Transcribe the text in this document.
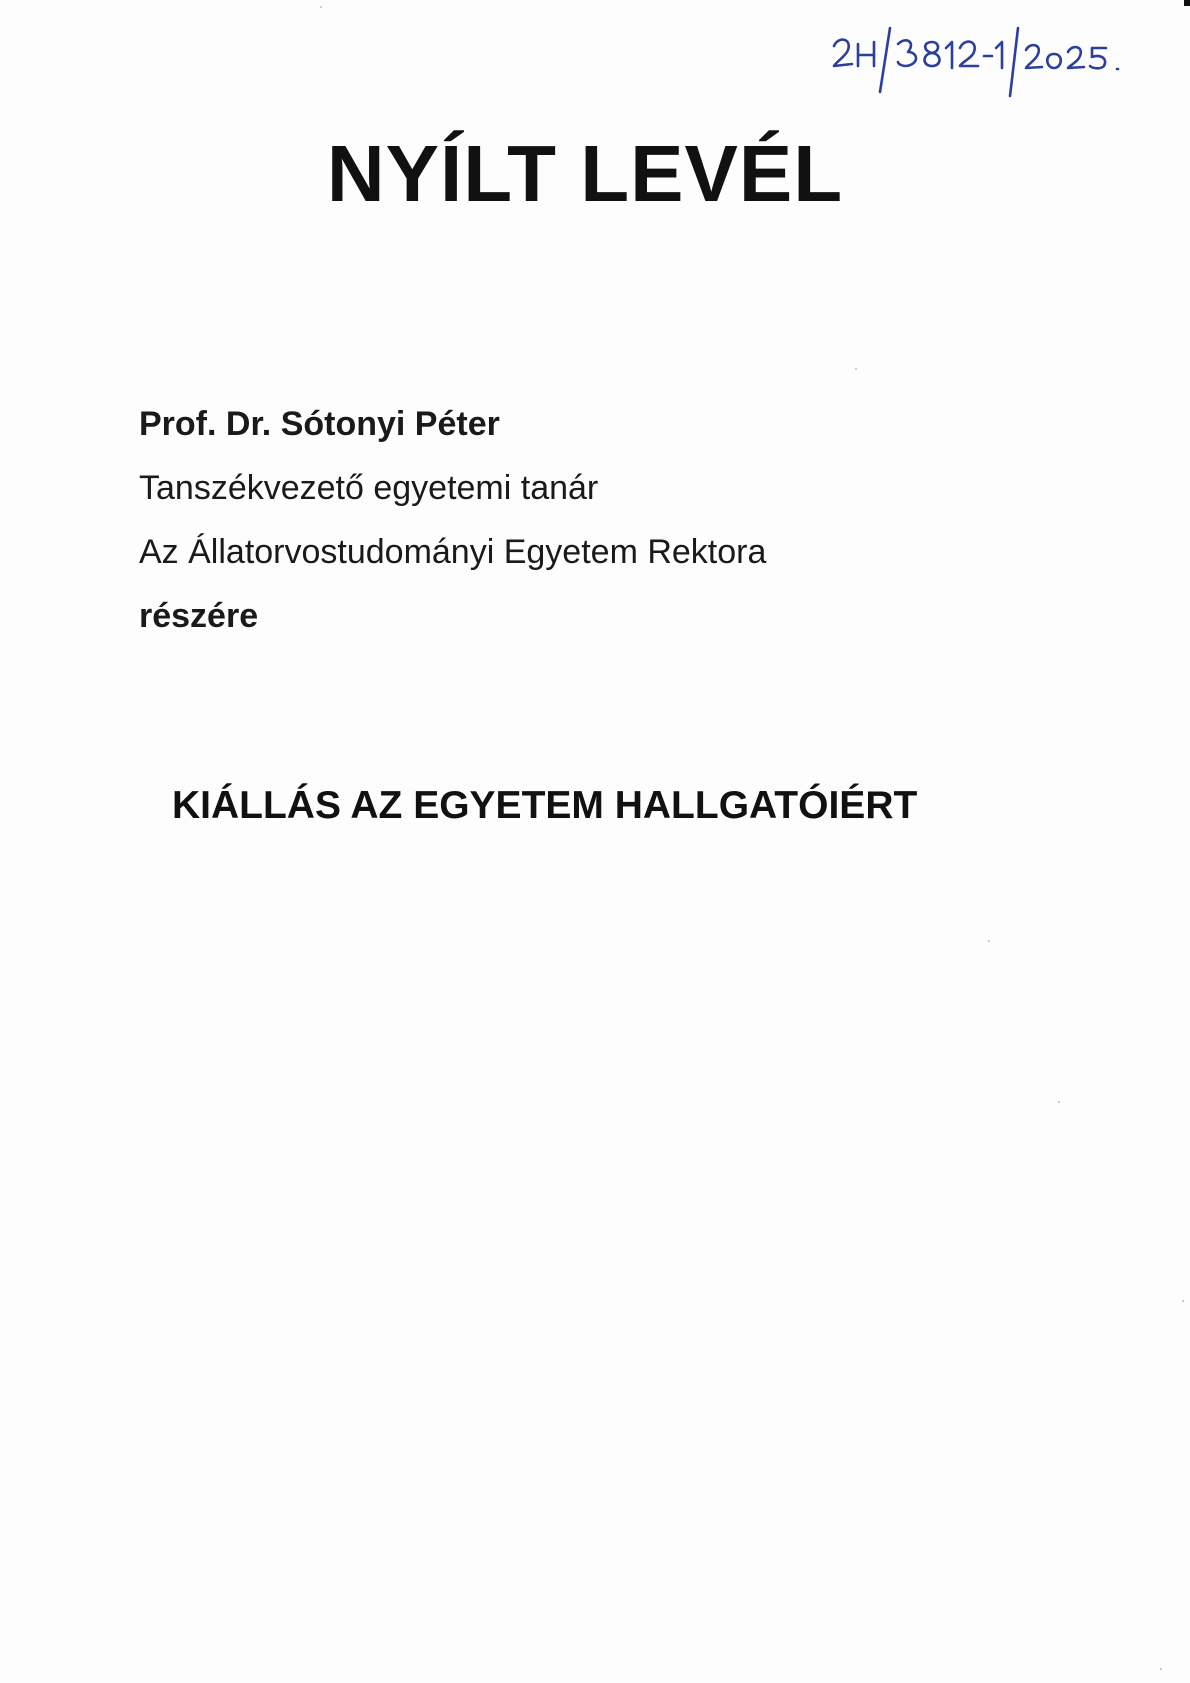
NYÍLT LEVÉL
Prof. Dr. Sótonyi Péter
Tanszékvezető egyetemi tanár
Az Állatorvostudományi Egyetem Rektora
részére
KIÁLLÁS AZ EGYETEM HALLGATÓIÉRT
